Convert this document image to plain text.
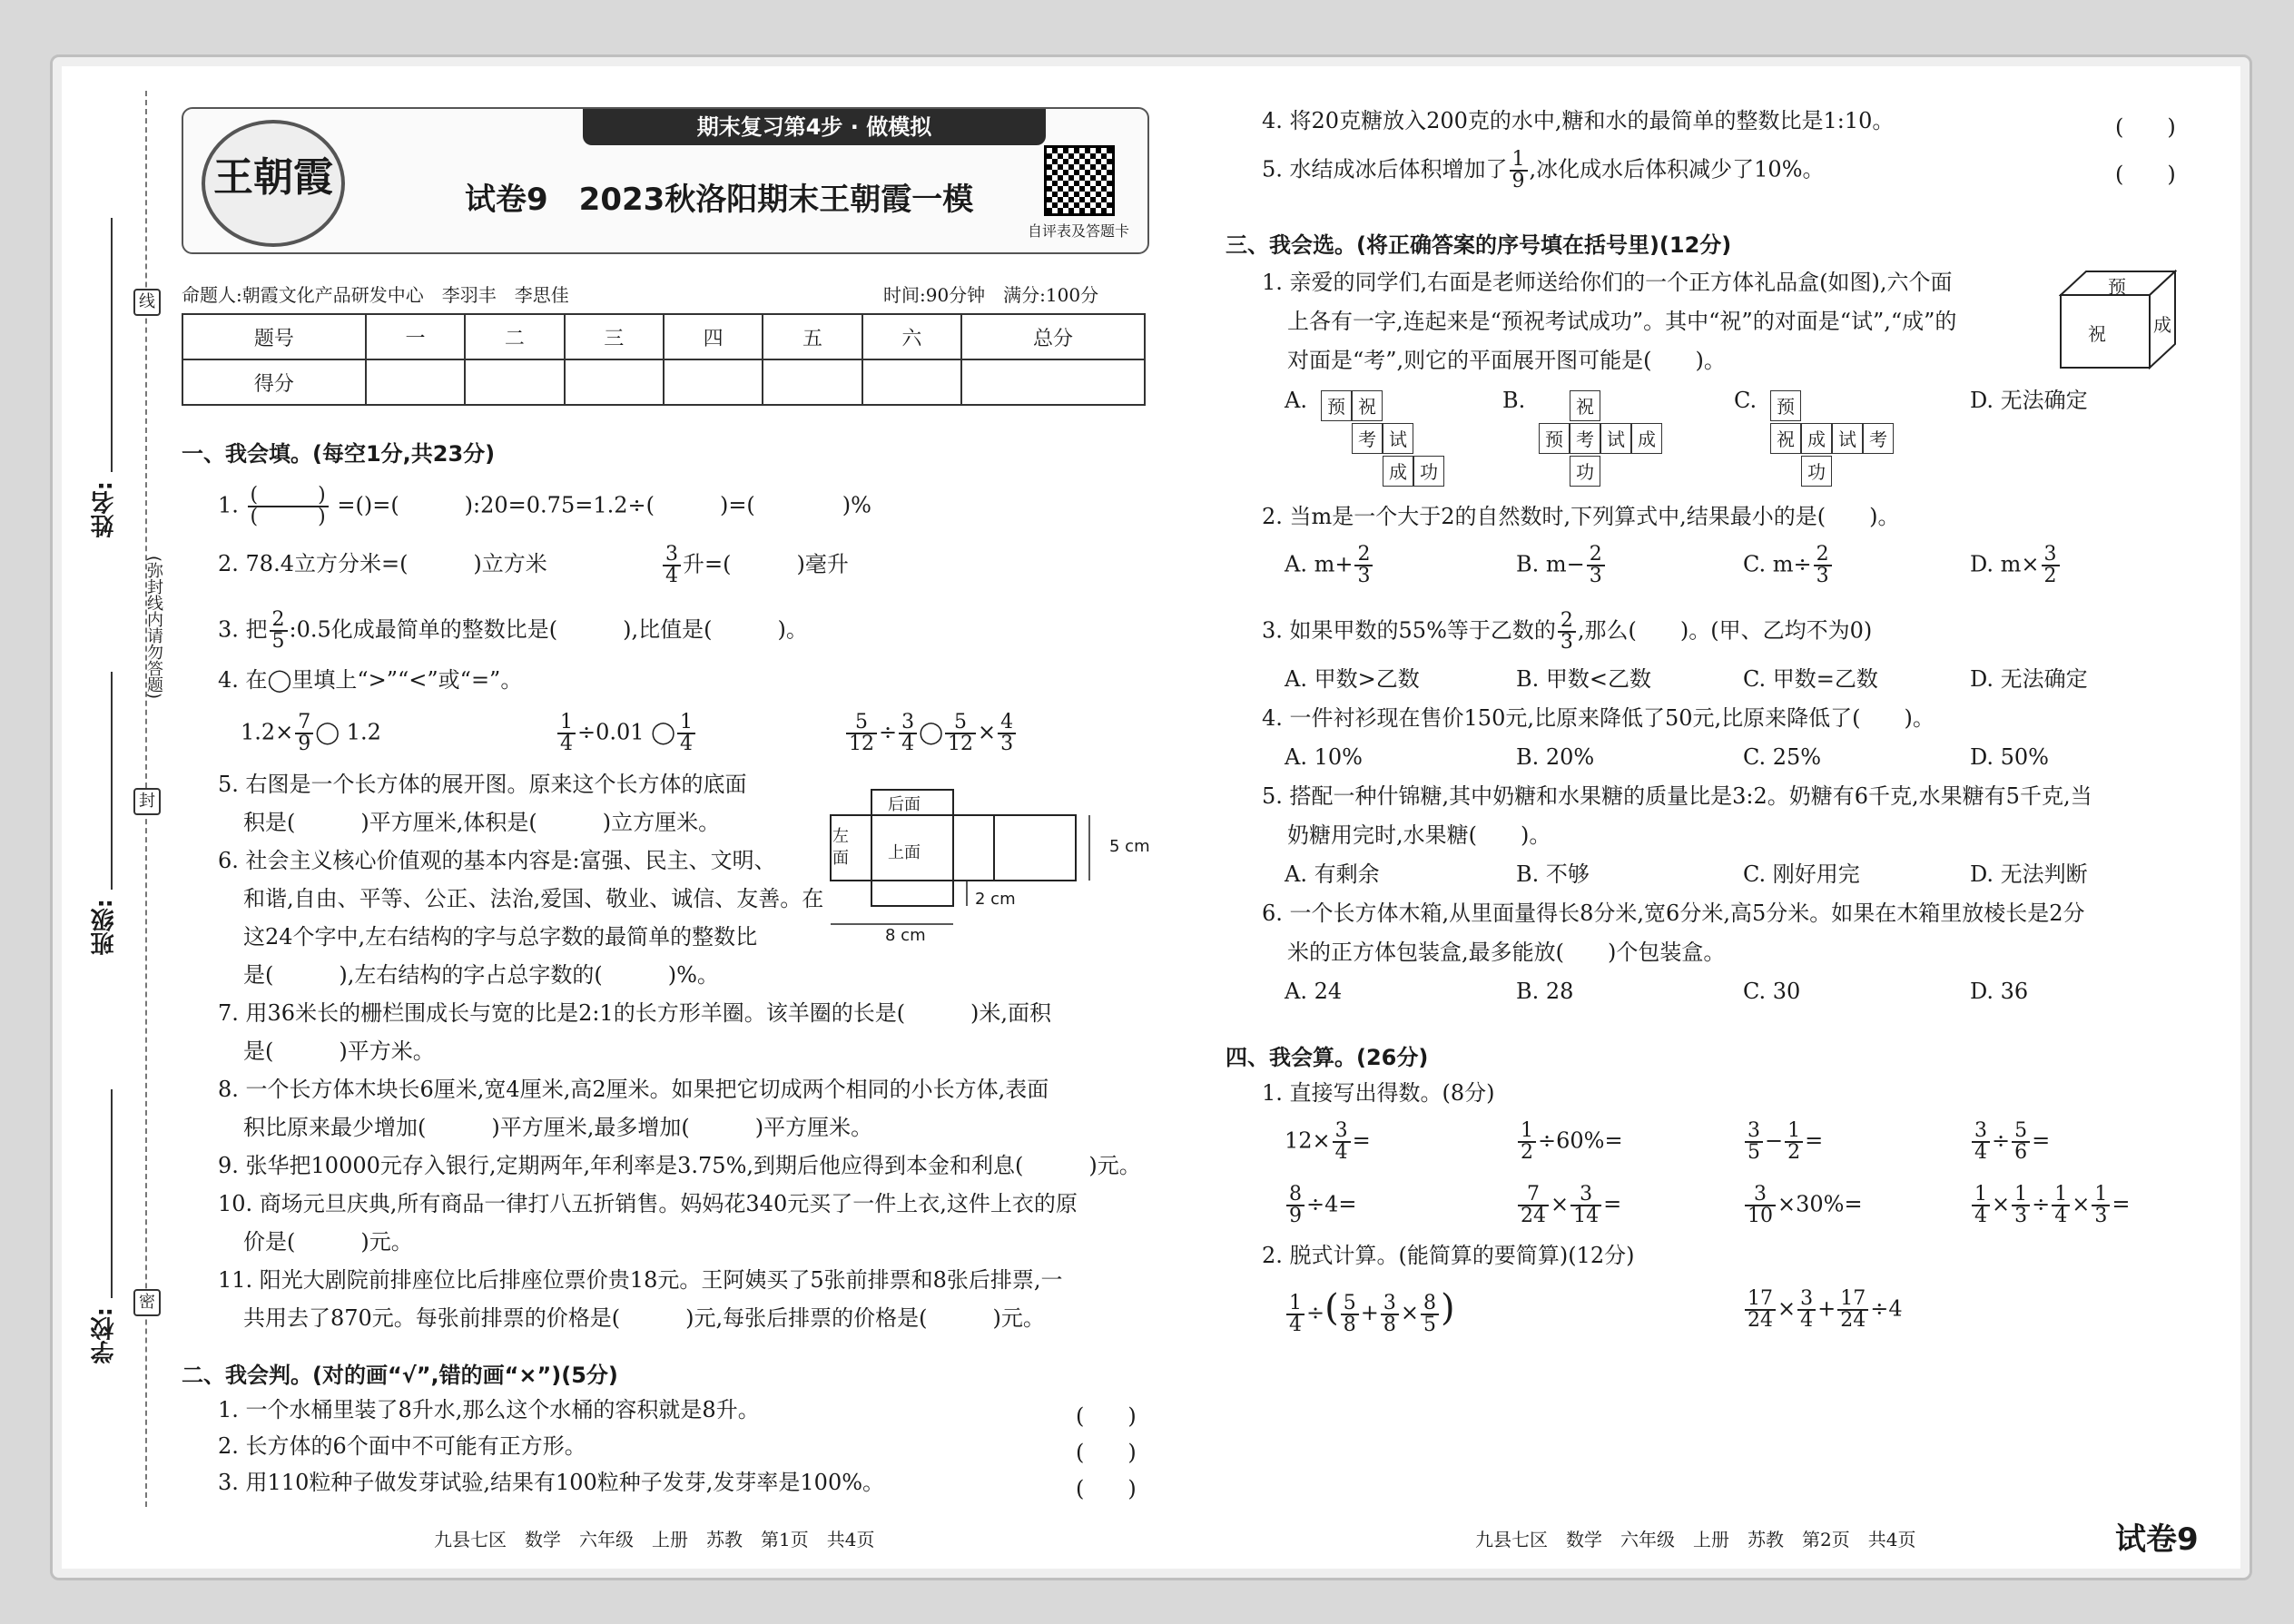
学校:
班级:
姓名:
线
封
密
(弥封线内请勿答题)
期末复习第4步 · 做模拟
王朝霞	试卷9　2023秋洛阳期末王朝霞一模
自评表及答题卡
命题人:朝霞文化产品研发中心　李羽丰　李思佳	时间:90分钟　满分:100分
题号	一	二	三	四	五	六	总分
得分							
一、我会填。(每空1分,共23分)
1. $\frac{( )}{( )}$ =()=(　　　):20=0.75=1.2÷(　　　)=(　　　　)%
2. 78.4立方分米=(　　　)立方米	$\frac{3}{4}$ 升=(　　　)毫升
3. 把 $\frac{2}{5}$ :0.5化成最简单的整数比是(　　　),比值是(　　　)。
4. 在◯里填上“>”“<”或“=”。
$1.2\times \frac{7}{9}$ ◯ 1.2	$\frac{1}{4} \div 0.01$ ◯ $\frac{1}{4}$	$\frac{5}{12} \div \frac{3}{4}$ ◯ $\frac{5}{12} \times \frac{4}{3}$
5. 右图是一个长方体的展开图。原来这个长方体的底面
积是(　　　)平方厘米,体积是(　　　)立方厘米。
后面
上面
左面
5 cm
2 cm
8 cm
6. 社会主义核心价值观的基本内容是:富强、民主、文明、
和谐,自由、平等、公正、法治,爱国、敬业、诚信、友善。在
这24个字中,左右结构的字与总字数的最简单的整数比
是(　　　),左右结构的字占总字数的(　　　)%。
7. 用36米长的栅栏围成长与宽的比是2:1的长方形羊圈。该羊圈的长是(　　　)米,面积
是(　　　)平方米。
8. 一个长方体木块长6厘米,宽4厘米,高2厘米。如果把它切成两个相同的小长方体,表面
积比原来最少增加(　　　)平方厘米,最多增加(　　　)平方厘米。
9. 张华把10000元存入银行,定期两年,年利率是3.75%,到期后他应得到本金和利息(　　　)元。
10. 商场元旦庆典,所有商品一律打八五折销售。妈妈花340元买了一件上衣,这件上衣的原
价是(　　　)元。
11. 阳光大剧院前排座位比后排座位票价贵18元。王阿姨买了5张前排票和8张后排票,一
共用去了870元。每张前排票的价格是(　　　)元,每张后排票的价格是(　　　)元。
二、我会判。(对的画“√”,错的画“×”)(5分)
1. 一个水桶里装了8升水,那么这个水桶的容积就是8升。	(　　)
2. 长方体的6个面中不可能有正方形。	(　　)
3. 用110粒种子做发芽试验,结果有100粒种子发芽,发芽率是100%。	(　　)
4. 将20克糖放入200克的水中,糖和水的最简单的整数比是1:10。	(　　)
5. 水结成冰后体积增加了 $\frac{1}{9}$ ,冰化成水后体积减少了10%。	(　　)
三、我会选。(将正确答案的序号填在括号里)(12分)
1. 亲爱的同学们,右面是老师送给你们的一个正方体礼品盒(如图),六个面
上各有一字,连起来是“预祝考试成功”。其中“祝”的对面是“试”,“成”的
对面是“考”,则它的平面展开图可能是(　　)。
预
祝	成
A.	预 祝
考 试
成 功
B.	祝
预 考 试 成
功
C.	预
祝 成 试 考
功
D. 无法确定
2. 当m是一个大于2的自然数时,下列算式中,结果最小的是(　　)。
A. $m+ \frac{2}{3}$	B. $m- \frac{2}{3}$	C. $m\div \frac{2}{3}$	D. $m\times \frac{3}{2}$
3. 如果甲数的55%等于乙数的 $\frac{2}{3}$ ,那么(　　)。(甲、乙均不为0)
A. 甲数>乙数	B. 甲数<乙数	C. 甲数=乙数	D. 无法确定
4. 一件衬衫现在售价150元,比原来降低了50元,比原来降低了(　　)。
A. 10%	B. 20%	C. 25%	D. 50%
5. 搭配一种什锦糖,其中奶糖和水果糖的质量比是3:2。奶糖有6千克,水果糖有5千克,当
奶糖用完时,水果糖(　　)。
A. 有剩余	B. 不够	C. 刚好用完	D. 无法判断
6. 一个长方体木箱,从里面量得长8分米,宽6分米,高5分米。如果在木箱里放棱长是2分
米的正方体包装盒,最多能放(　　)个包装盒。
A. 24	B. 28	C. 30	D. 36
四、我会算。(26分)
1. 直接写出得数。(8分)
$12\times \frac{3}{4}$ =	$\frac{1}{2} \div 60\%=$	$\frac{3}{5} - \frac{1}{2}$ =	$\frac{3}{4} \div \frac{5}{6}$ =
$\frac{8}{9} \div 4=$	$\frac{7}{24} \times \frac{3}{14}$ =	$\frac{3}{10} \times 30\%=$	$\frac{1}{4} \times \frac{1}{3} \div \frac{1}{4} \times \frac{1}{3}$ =
2. 脱式计算。(能简算的要简算)(12分)
$\frac{1}{4}$ ÷( $\frac{5}{8} + \frac{3}{8} \times \frac{8}{5}$ )	$\frac{17}{24} \times \frac{3}{4} + \frac{17}{24} \div 4$
九县七区　数学　六年级　上册　苏教　第1页　共4页	九县七区　数学　六年级　上册　苏教　第2页　共4页	试卷9
